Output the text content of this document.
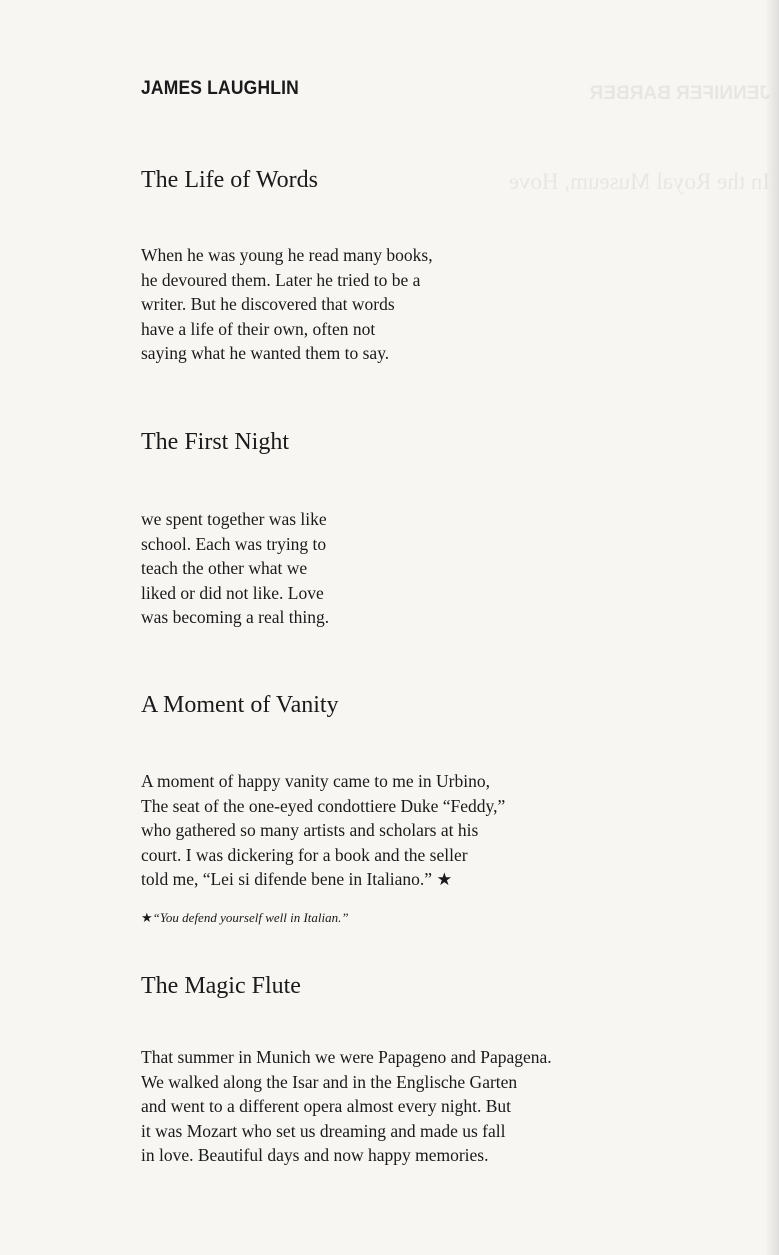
JENNIFER BARBER
In the Royal Museum, Hove
JAMES LAUGHLIN
The Life of Words
When he was young he read many books,
he devoured them. Later he tried to be a
writer. But he discovered that words
have a life of their own, often not
saying what he wanted them to say.
The First Night
we spent together was like
school. Each was trying to
teach the other what we
liked or did not like. Love
was becoming a real thing.
A Moment of Vanity
A moment of happy vanity came to me in Urbino,
The seat of the one-eyed condottiere Duke “Feddy,”
who gathered so many artists and scholars at his
court. I was dickering for a book and the seller
told me, “Lei si difende bene in Italiano.” ★

★“You defend yourself well in Italian.”

The Magic Flute
That summer in Munich we were Papageno and Papagena.
We walked along the Isar and in the Englische Garten
and went to a different opera almost every night. But
it was Mozart who set us dreaming and made us fall
in love. Beautiful days and now happy memories.
